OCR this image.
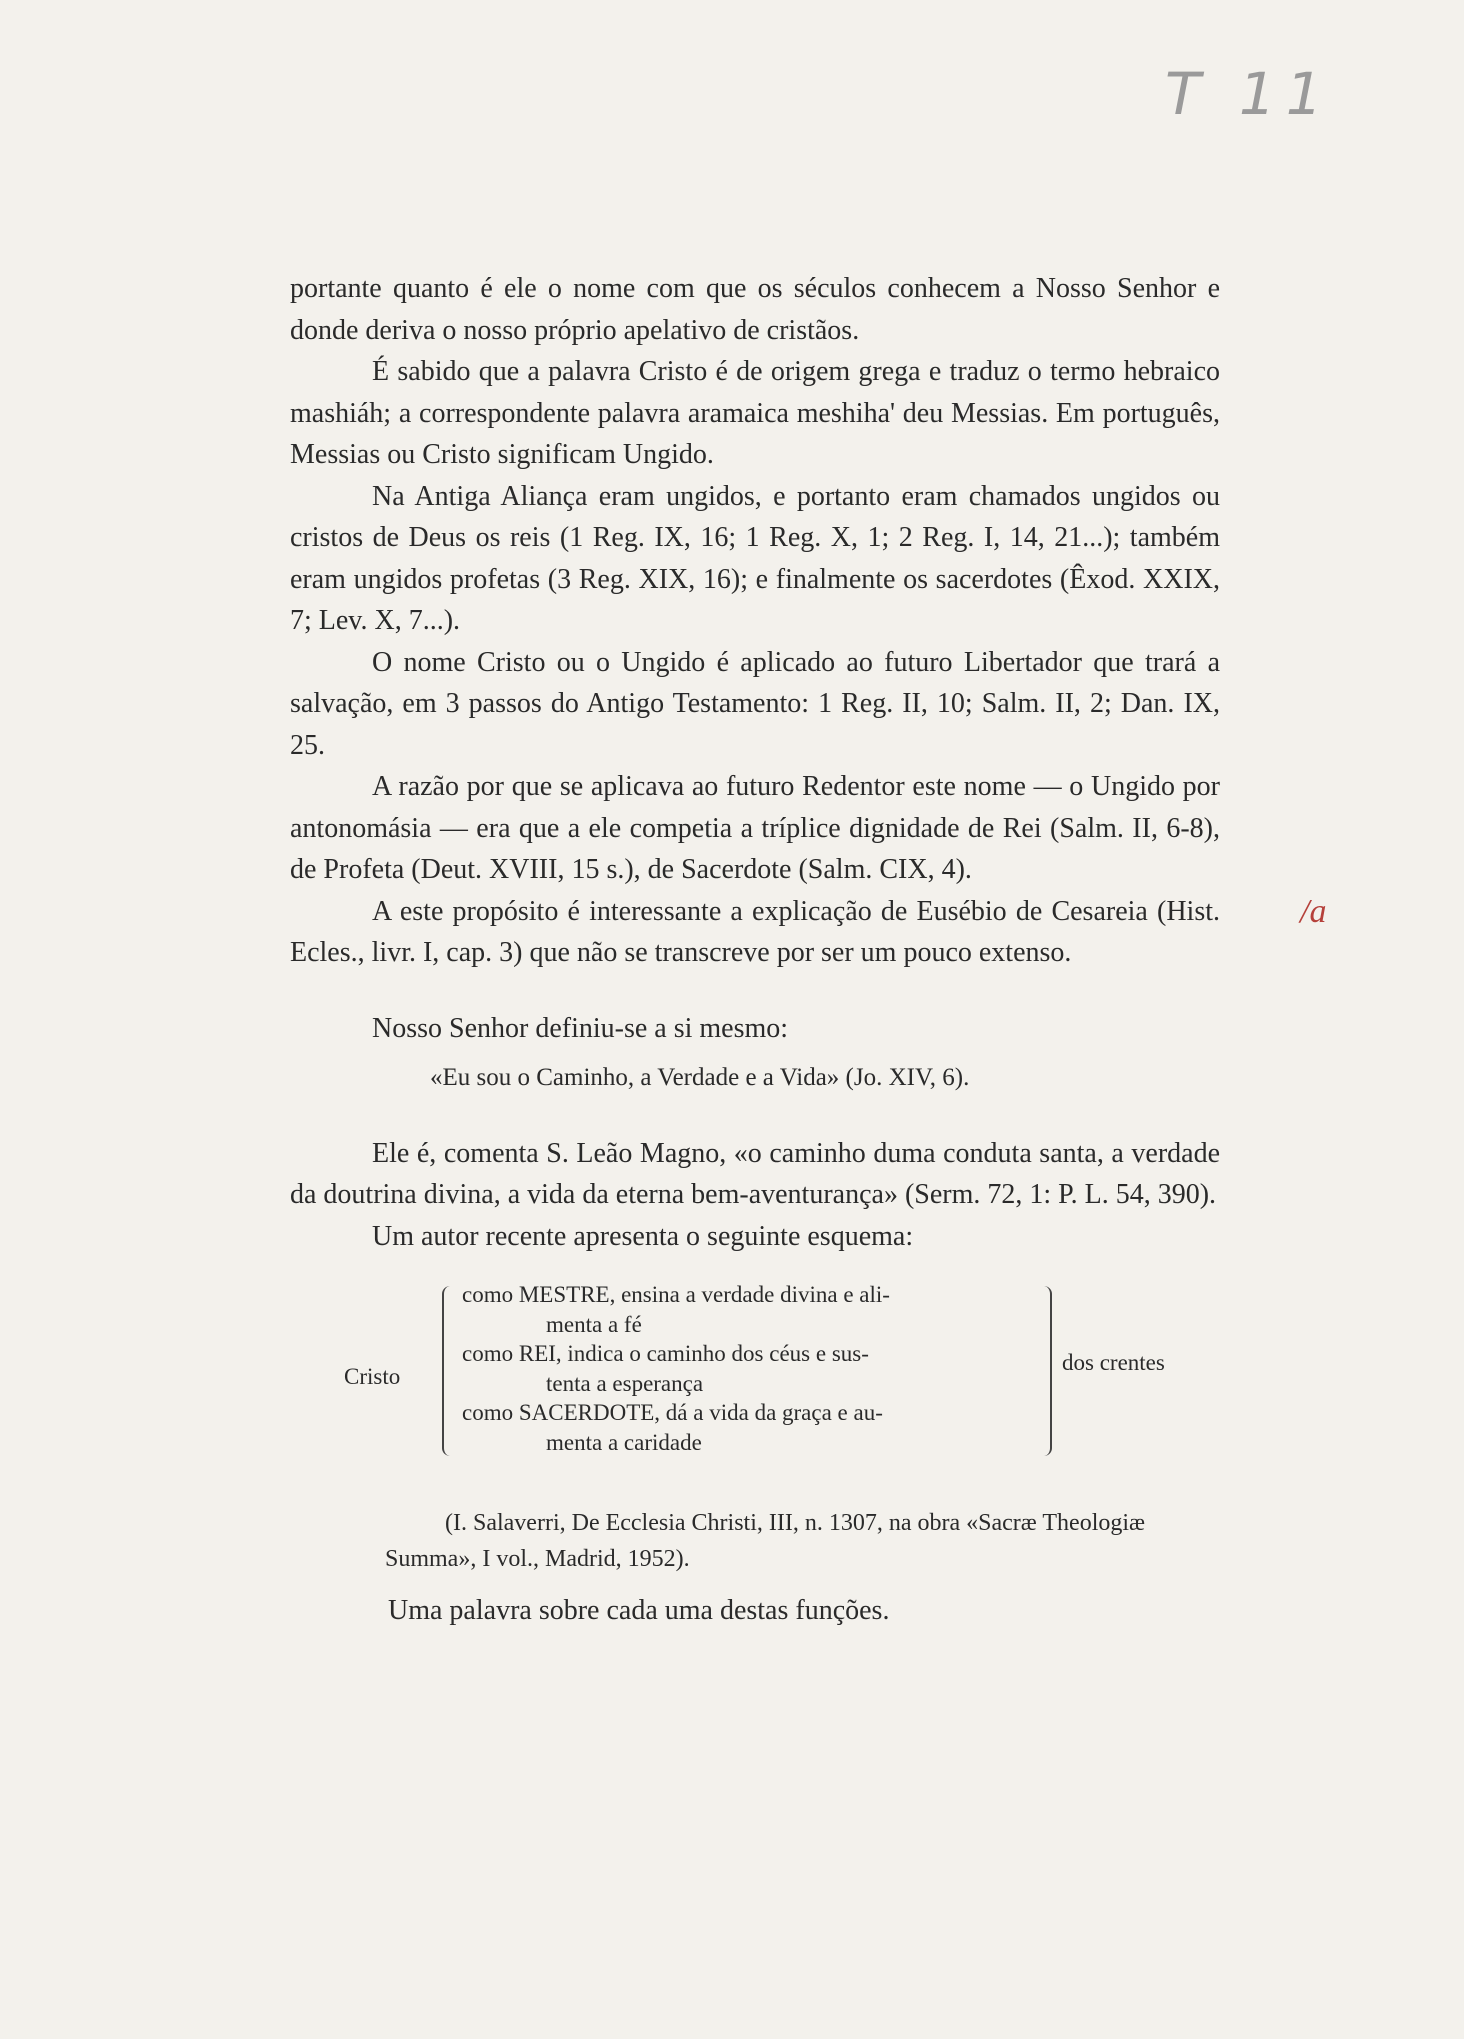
T 11
/a

portante quanto é ele o nome com que os séculos conhecem a Nosso Senhor e donde deriva o nosso próprio apelativo de cristãos.

É sabido que a palavra Cristo é de origem grega e traduz o termo hebraico mashiáh; a correspondente palavra aramaica meshiha' deu Messias. Em português, Messias ou Cristo significam Ungido.

Na Antiga Aliança eram ungidos, e portanto eram chamados ungidos ou cristos de Deus os reis (1 Reg. IX, 16; 1 Reg. X, 1; 2 Reg. I, 14, 21...); também eram ungidos profetas (3 Reg. XIX, 16); e finalmente os sacerdotes (Êxod. XXIX, 7; Lev. X, 7...).

O nome Cristo ou o Ungido é aplicado ao futuro Libertador que trará a salvação, em 3 passos do Antigo Testamento: 1 Reg. II, 10; Salm. II, 2; Dan. IX, 25.

A razão por que se aplicava ao futuro Redentor este nome — o Ungido por antonomásia — era que a ele competia a tríplice dignidade de Rei (Salm. II, 6-8), de Profeta (Deut. XVIII, 15 s.), de Sacerdote (Salm. CIX, 4).

A este propósito é interessante a explicação de Eusébio de Cesareia (Hist. Ecles., livr. I, cap. 3) que não se transcreve por ser um pouco extenso.

Nosso Senhor definiu-se a si mesmo:

«Eu sou o Caminho, a Verdade e a Vida» (Jo. XIV, 6).

Ele é, comenta S. Leão Magno, «o caminho duma conduta santa, a verdade da doutrina divina, a vida da eterna bem-aventurança» (Serm. 72, 1: P. L. 54, 390).

Um autor recente apresenta o seguinte esquema:

Cristo
como MESTRE, ensina a verdade divina e ali-
menta a fé
como REI, indica o caminho dos céus e sus-
tenta a esperança
como SACERDOTE, dá a vida da graça e au-
menta a caridade
dos crentes

(I. Salaverri, De Ecclesia Christi, III, n. 1307, na obra «Sacræ Theologiæ Summa», I vol., Madrid, 1952).

Uma palavra sobre cada uma destas funções.
